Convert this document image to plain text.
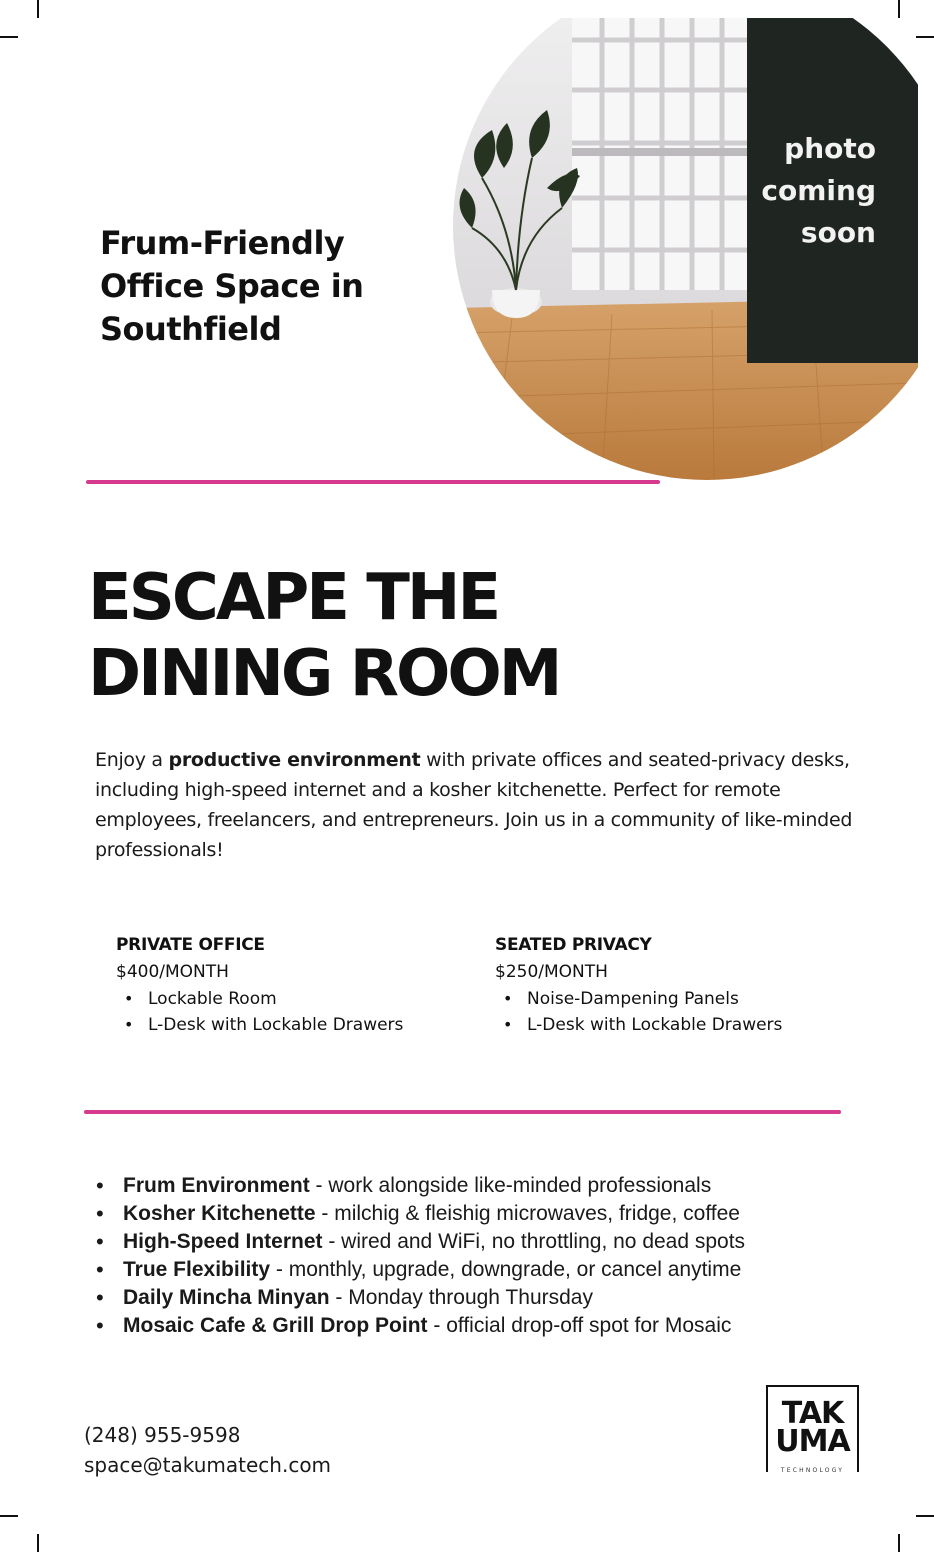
Frum-Friendly Office Space in Southfield
photo coming soon
ESCAPE THE
DINING ROOM

Enjoy a productive environment with private offices and seated-privacy desks, including high-speed internet and a kosher kitchenette. Perfect for remote employees, freelancers, and entrepreneurs. Join us in a community of like-minded professionals!

PRIVATE OFFICE
$400/MONTH
• Lockable Room
• L-Desk with Lockable Drawers
SEATED PRIVACY
$250/MONTH
• Noise-Dampening Panels
• L-Desk with Lockable Drawers
• Frum Environment - work alongside like-minded professionals
• Kosher Kitchenette - milchig & fleishig microwaves, fridge, coffee
• High-Speed Internet - wired and WiFi, no throttling, no dead spots
• True Flexibility - monthly, upgrade, downgrade, or cancel anytime
• Daily Mincha Minyan - Monday through Thursday
• Mosaic Cafe & Grill Drop Point - official drop-off spot for Mosaic
(248) 955-9598
space@takumatech.com
TAK
UMA
TECHNOLOGY
